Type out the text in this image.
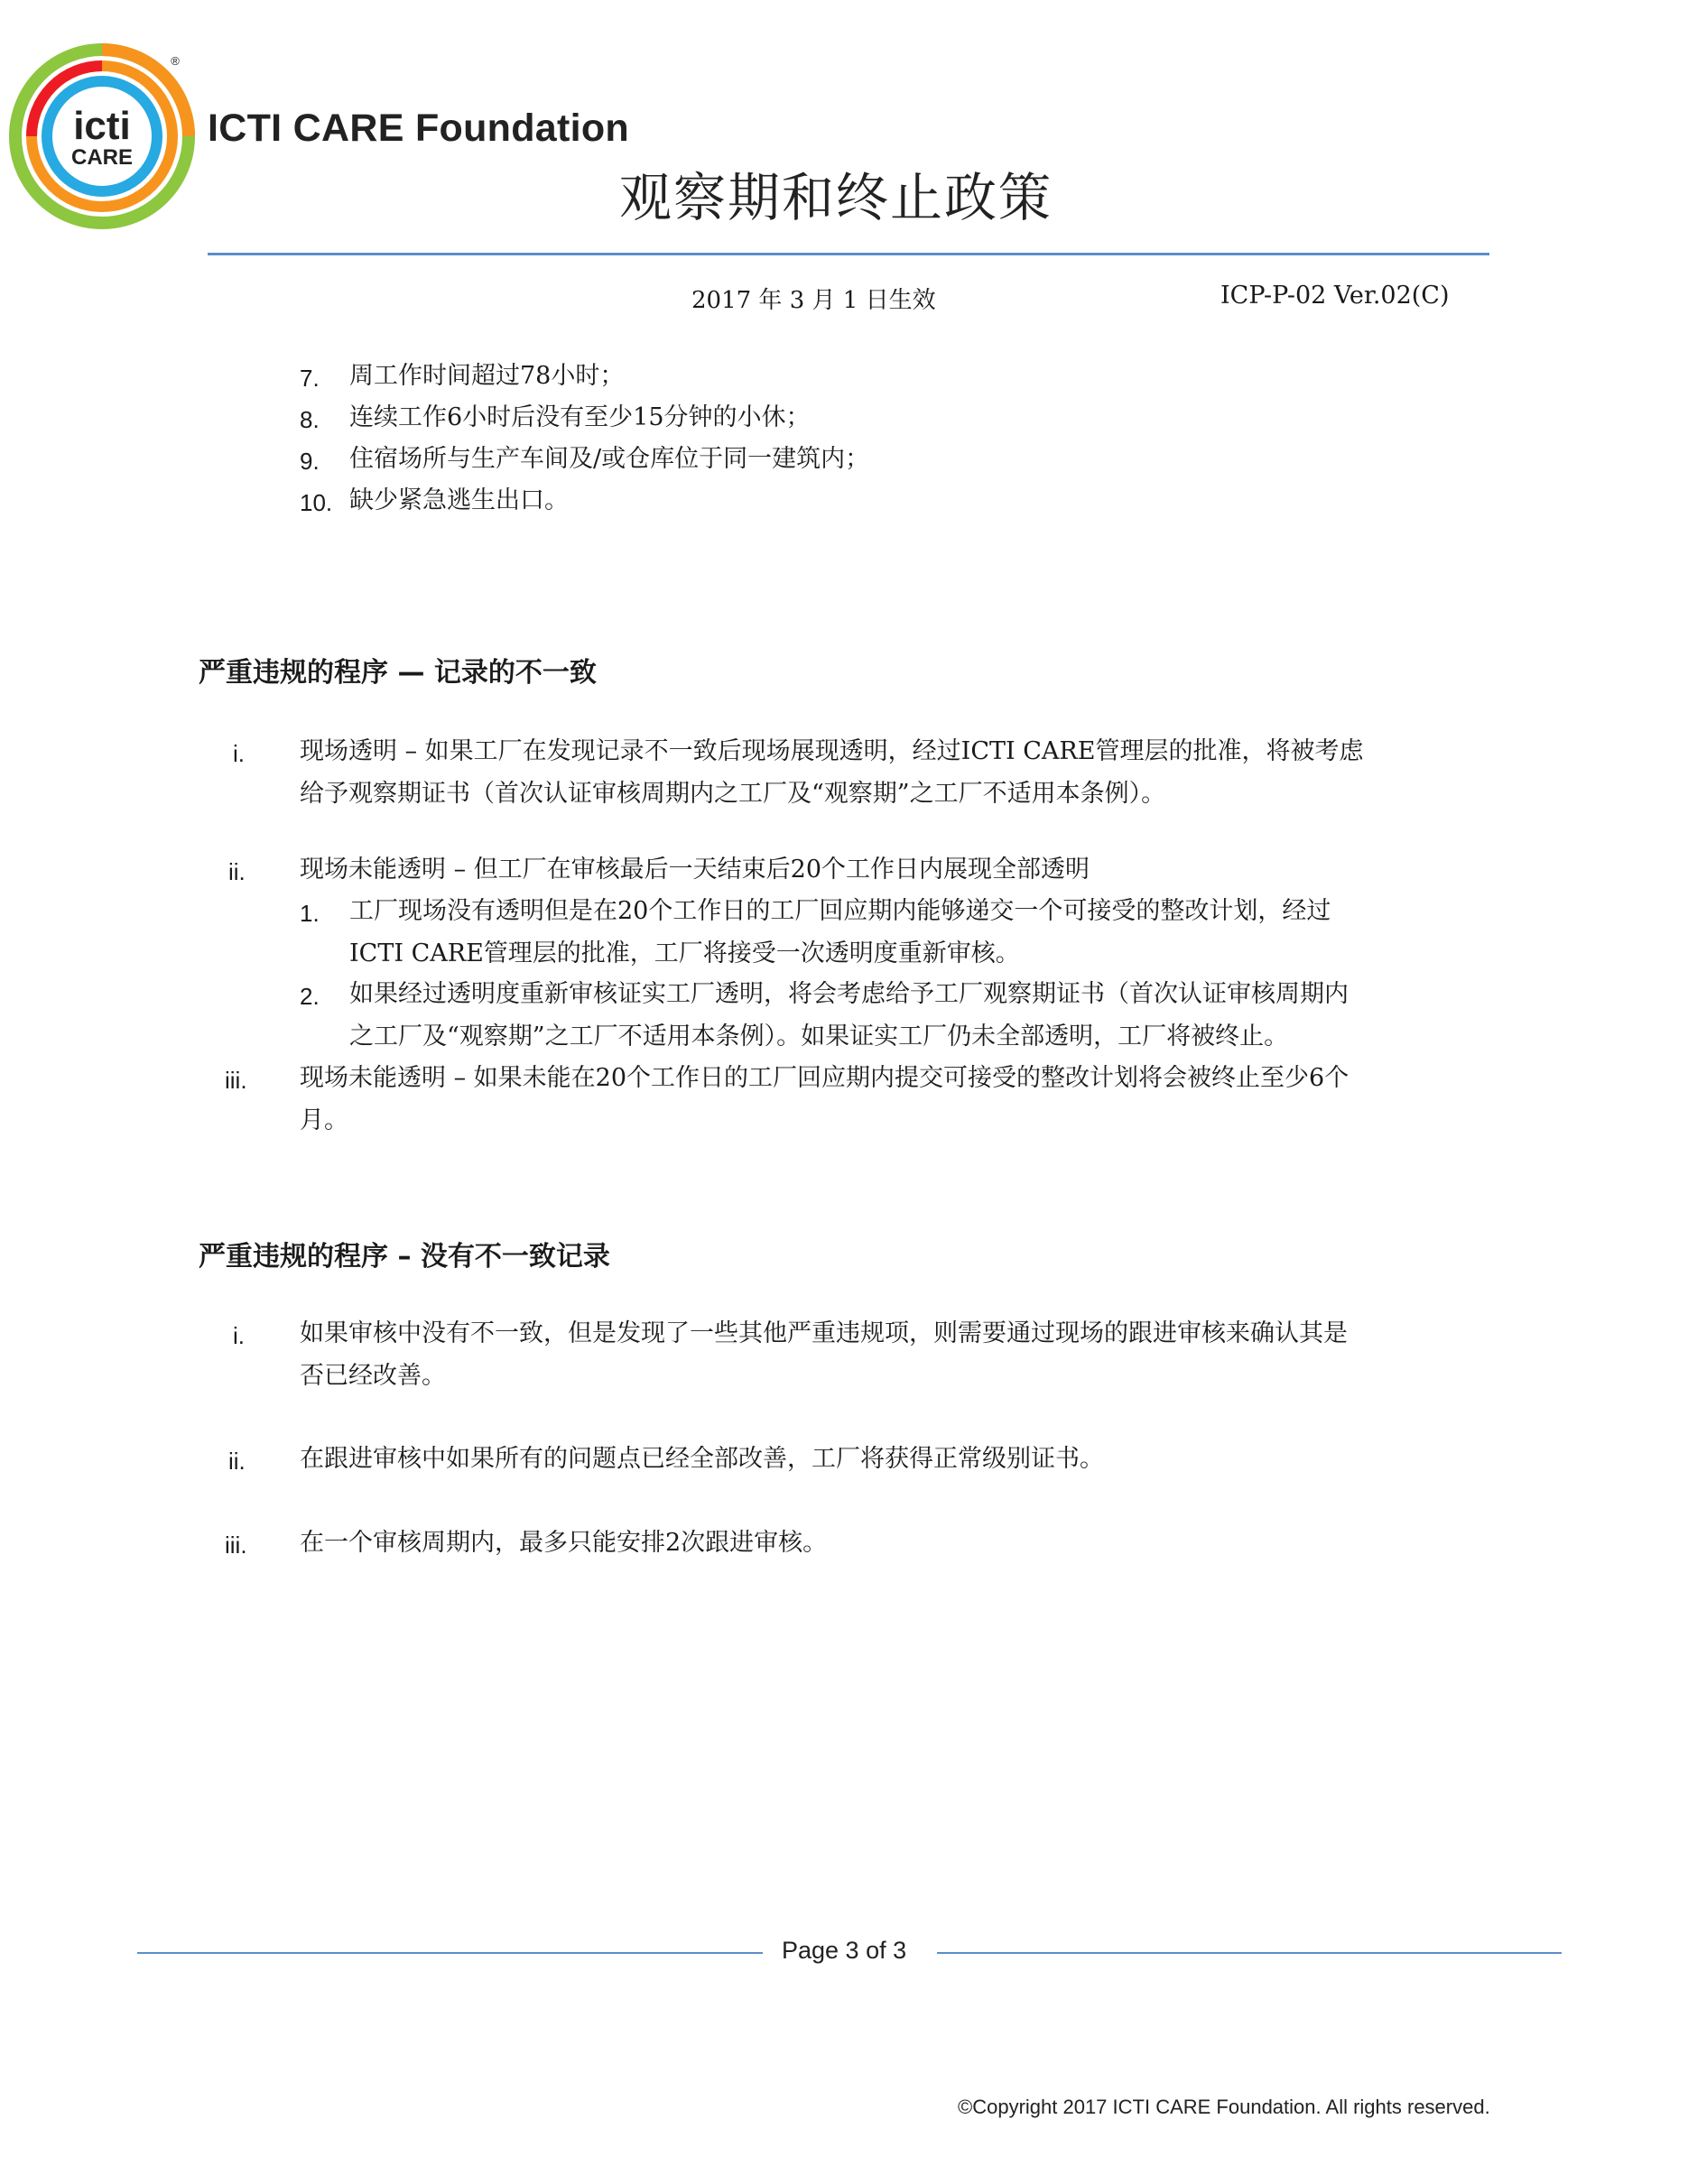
icti
CARE
®
ICTI CARE Foundation
观察期和终止政策
2017 年 3 月 1 日生效	ICP-P-02 Ver.02(C)
7. 周工作时间超过78小时；
8. 连续工作6小时后没有至少15分钟的小休；
9. 住宿场所与生产车间及/或仓库位于同一建筑内；
10. 缺少紧急逃生出口。
严重违规的程序 — 记录的不一致
i. 现场透明 – 如果工厂在发现记录不一致后现场展现透明，经过ICTI CARE管理层的批准，将被考虑
给予观察期证书（首次认证审核周期内之工厂及“观察期”之工厂不适用本条例）。
ii. 现场未能透明 – 但工厂在审核最后一天结束后20个工作日内展现全部透明
1. 工厂现场没有透明但是在20个工作日的工厂回应期内能够递交一个可接受的整改计划，经过
ICTI CARE管理层的批准，工厂将接受一次透明度重新审核。
2. 如果经过透明度重新审核证实工厂透明，将会考虑给予工厂观察期证书（首次认证审核周期内
之工厂及“观察期”之工厂不适用本条例）。如果证实工厂仍未全部透明，工厂将被终止。
iii. 现场未能透明 – 如果未能在20个工作日的工厂回应期内提交可接受的整改计划将会被终止至少6个
月。
严重违规的程序 – 没有不一致记录
i. 如果审核中没有不一致，但是发现了一些其他严重违规项，则需要通过现场的跟进审核来确认其是
否已经改善。
ii. 在跟进审核中如果所有的问题点已经全部改善，工厂将获得正常级别证书。
iii. 在一个审核周期内，最多只能安排2次跟进审核。
Page 3 of 3
©Copyright 2017 ICTI CARE Foundation. All rights reserved.
